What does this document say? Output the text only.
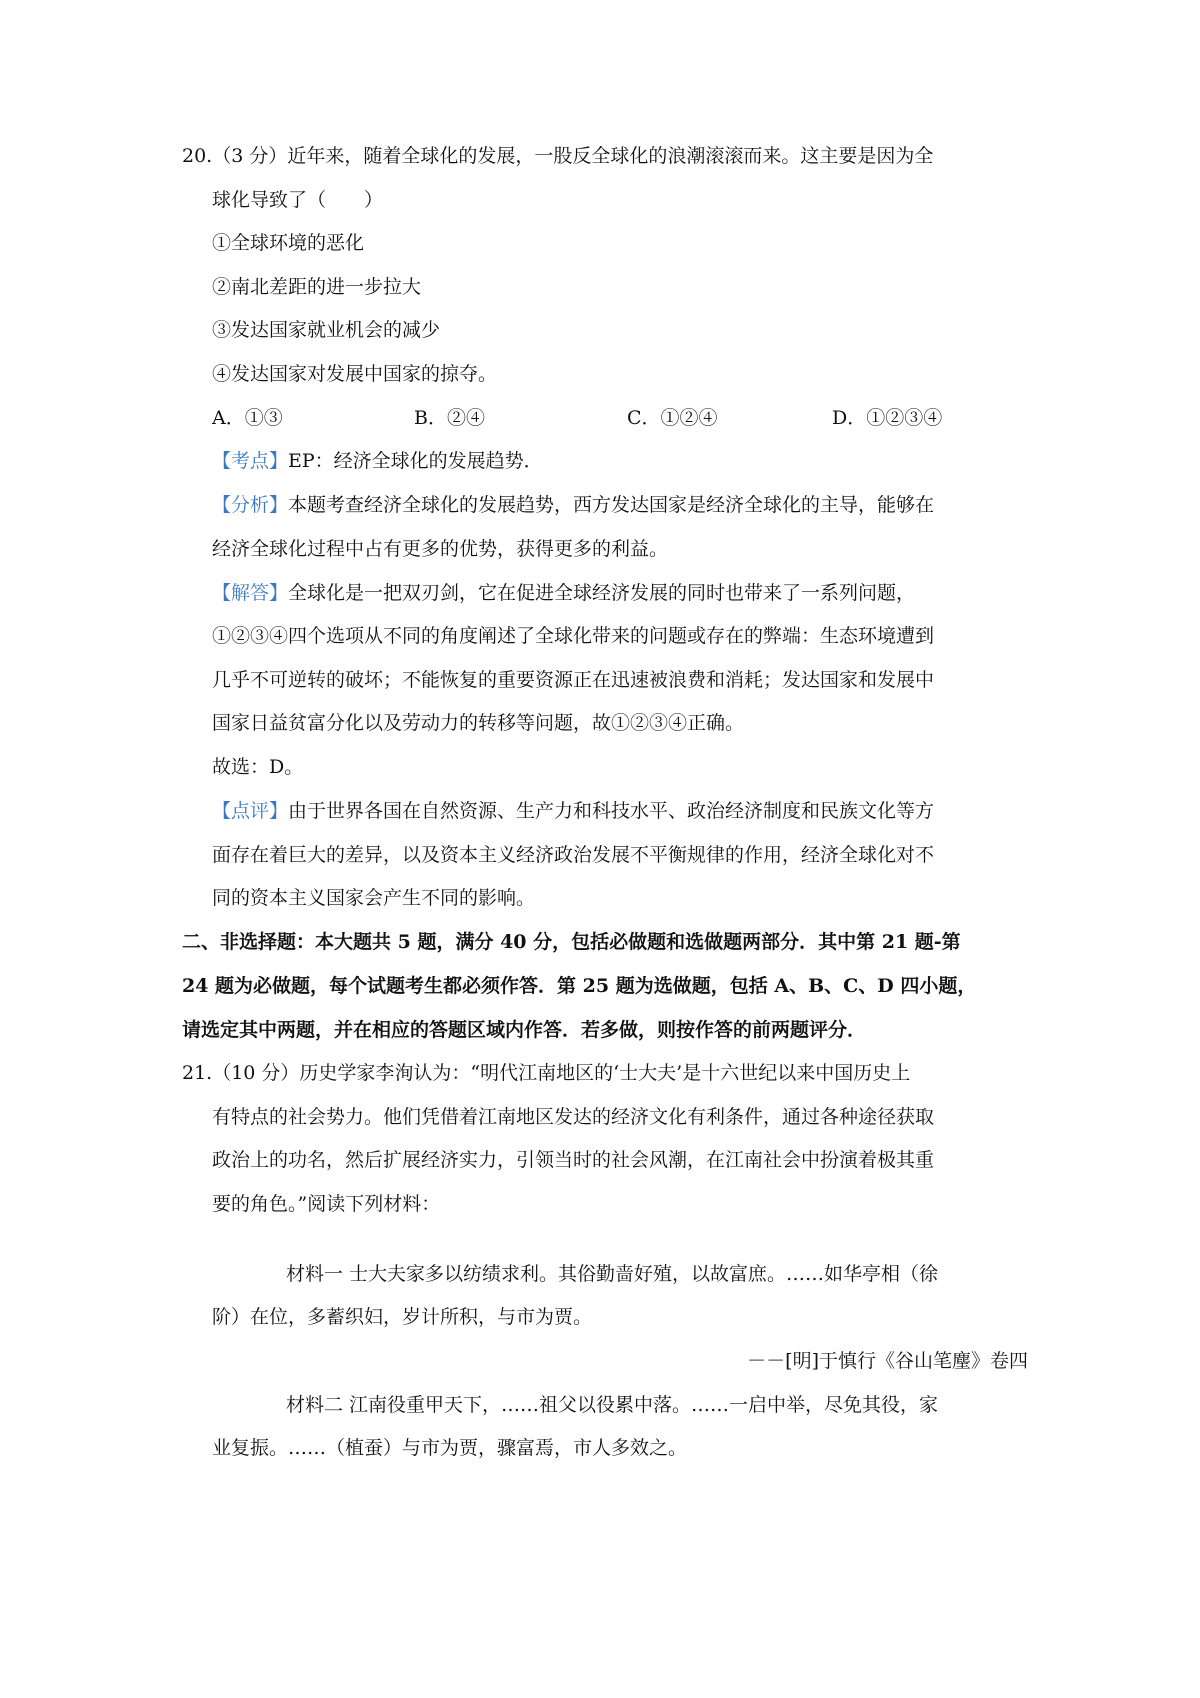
20.（3 分）近年来，随着全球化的发展，一股反全球化的浪潮滚滚而来。这主要是因为全
球化导致了（　　）
①全球环境的恶化
②南北差距的进一步拉大
③发达国家就业机会的减少
④发达国家对发展中国家的掠夺。
A．①③	B．②④	C．①②④	D．①②③④
【考点】EP：经济全球化的发展趋势．
【分析】本题考查经济全球化的发展趋势，西方发达国家是经济全球化的主导，能够在
经济全球化过程中占有更多的优势，获得更多的利益。
【解答】全球化是一把双刃剑，它在促进全球经济发展的同时也带来了一系列问题，
①②③④四个选项从不同的角度阐述了全球化带来的问题或存在的弊端：生态环境遭到
几乎不可逆转的破坏；不能恢复的重要资源正在迅速被浪费和消耗；发达国家和发展中
国家日益贫富分化以及劳动力的转移等问题，故①②③④正确。
故选：D。
【点评】由于世界各国在自然资源、生产力和科技水平、政治经济制度和民族文化等方
面存在着巨大的差异，以及资本主义经济政治发展不平衡规律的作用，经济全球化对不
同的资本主义国家会产生不同的影响。
二、非选择题：本大题共 5 题，满分 40 分，包括必做题和选做题两部分．其中第 21 题-第
24 题为必做题，每个试题考生都必须作答．第 25 题为选做题，包括 A、B、C、D 四小题，
请选定其中两题，并在相应的答题区域内作答．若多做，则按作答的前两题评分．
21.（10 分）历史学家李洵认为：“明代江南地区的‘士大夫’是十六世纪以来中国历史上
有特点的社会势力。他们凭借着江南地区发达的经济文化有利条件，通过各种途径获取
政治上的功名，然后扩展经济实力，引领当时的社会风潮，在江南社会中扮演着极其重
要的角色。”阅读下列材料：
材料一 士大夫家多以纺绩求利。其俗勤啬好殖，以故富庶。……如华亭相（徐
阶）在位，多蓄织妇，岁计所积，与市为贾。
－－[明]于慎行《谷山笔麈》卷四
材料二 江南役重甲天下，……祖父以役累中落。……一启中举，尽免其役，家
业复振。……（植蚕）与市为贾，骤富焉，市人多效之。
